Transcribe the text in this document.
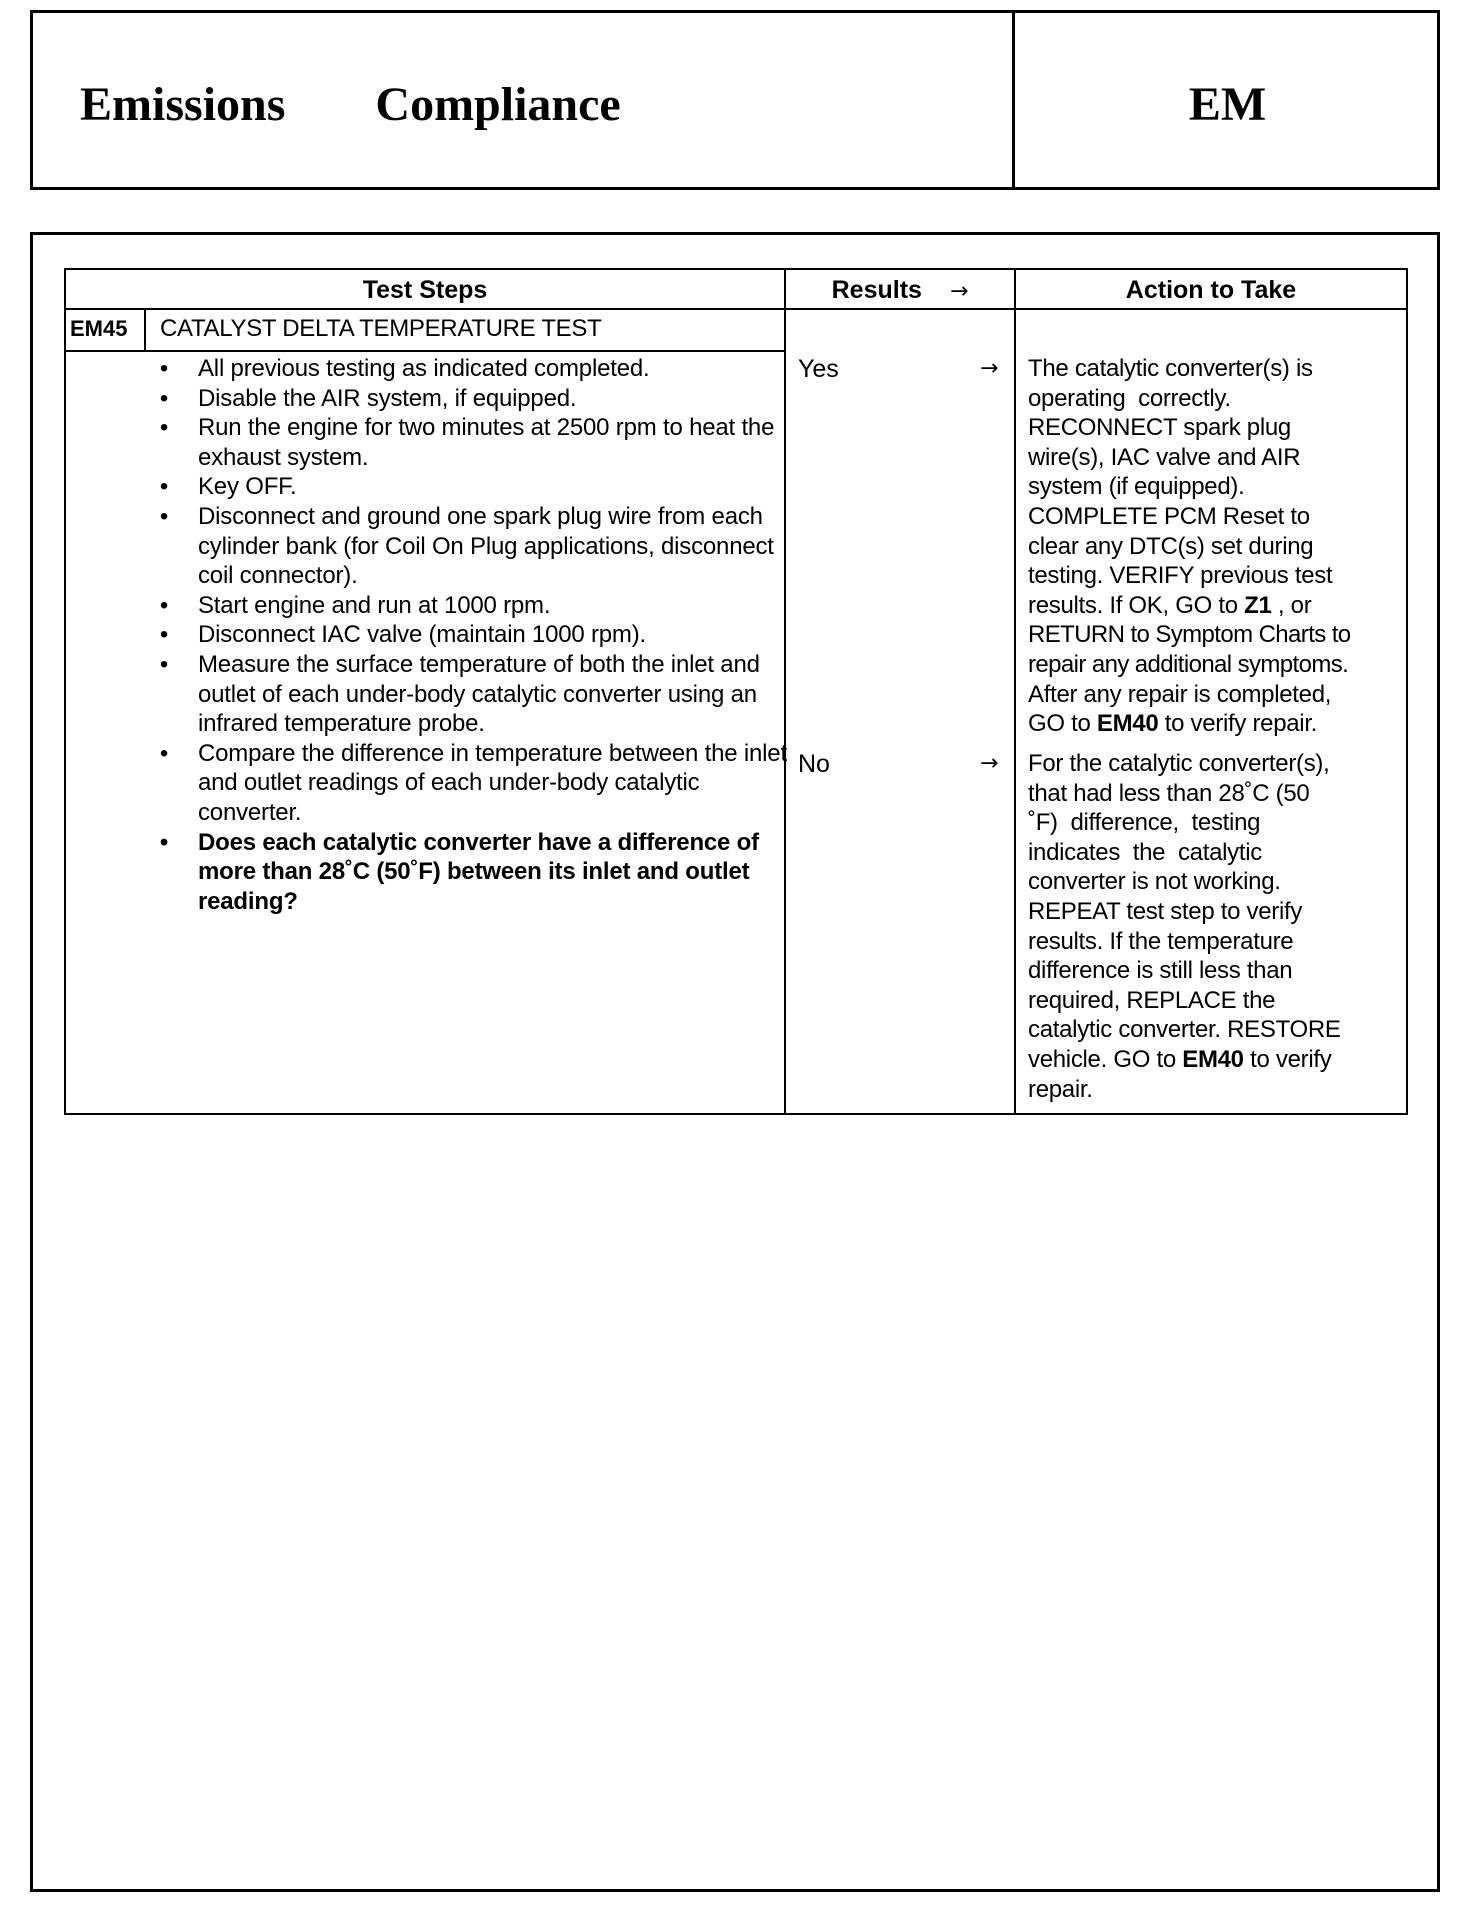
Emissions   Compliance	EM
Test Steps	Results →	Action to Take
EM45 CATALYST DELTA TEMPERATURE TEST
• All previous testing as indicated completed.
• Disable the AIR system, if equipped.
• Run the engine for two minutes at 2500 rpm to heat the exhaust system.
• Key OFF.
• Disconnect and ground one spark plug wire from each cylinder bank (for Coil On Plug applications, disconnect coil connector).
• Start engine and run at 1000 rpm.
• Disconnect IAC valve (maintain 1000 rpm).
• Measure the surface temperature of both the inlet and outlet of each under-body catalytic converter using an infrared temperature probe.
• Compare the difference in temperature between the inlet and outlet readings of each under-body catalytic converter.
• Does each catalytic converter have a difference of more than 28˚C (50˚F) between its inlet and outlet reading?
Yes	→ The catalytic converter(s) is

operating  correctly.

RECONNECT spark plug

wire(s), IAC valve and AIR

system (if equipped).

COMPLETE PCM Reset to

clear any DTC(s) set during

testing. VERIFY previous test

results. If OK, GO to Z1 , or

RETURN to Symptom Charts to

repair any additional symptoms.

After any repair is completed,

GO to EM40 to verify repair.

No	→ For the catalytic converter(s),

that had less than 28˚C (50

˚F)  difference,  testing

indicates  the  catalytic

converter is not working.

REPEAT test step to verify

results. If the temperature

difference is still less than

required, REPLACE the

catalytic converter. RESTORE

vehicle. GO to EM40 to verify

repair.
